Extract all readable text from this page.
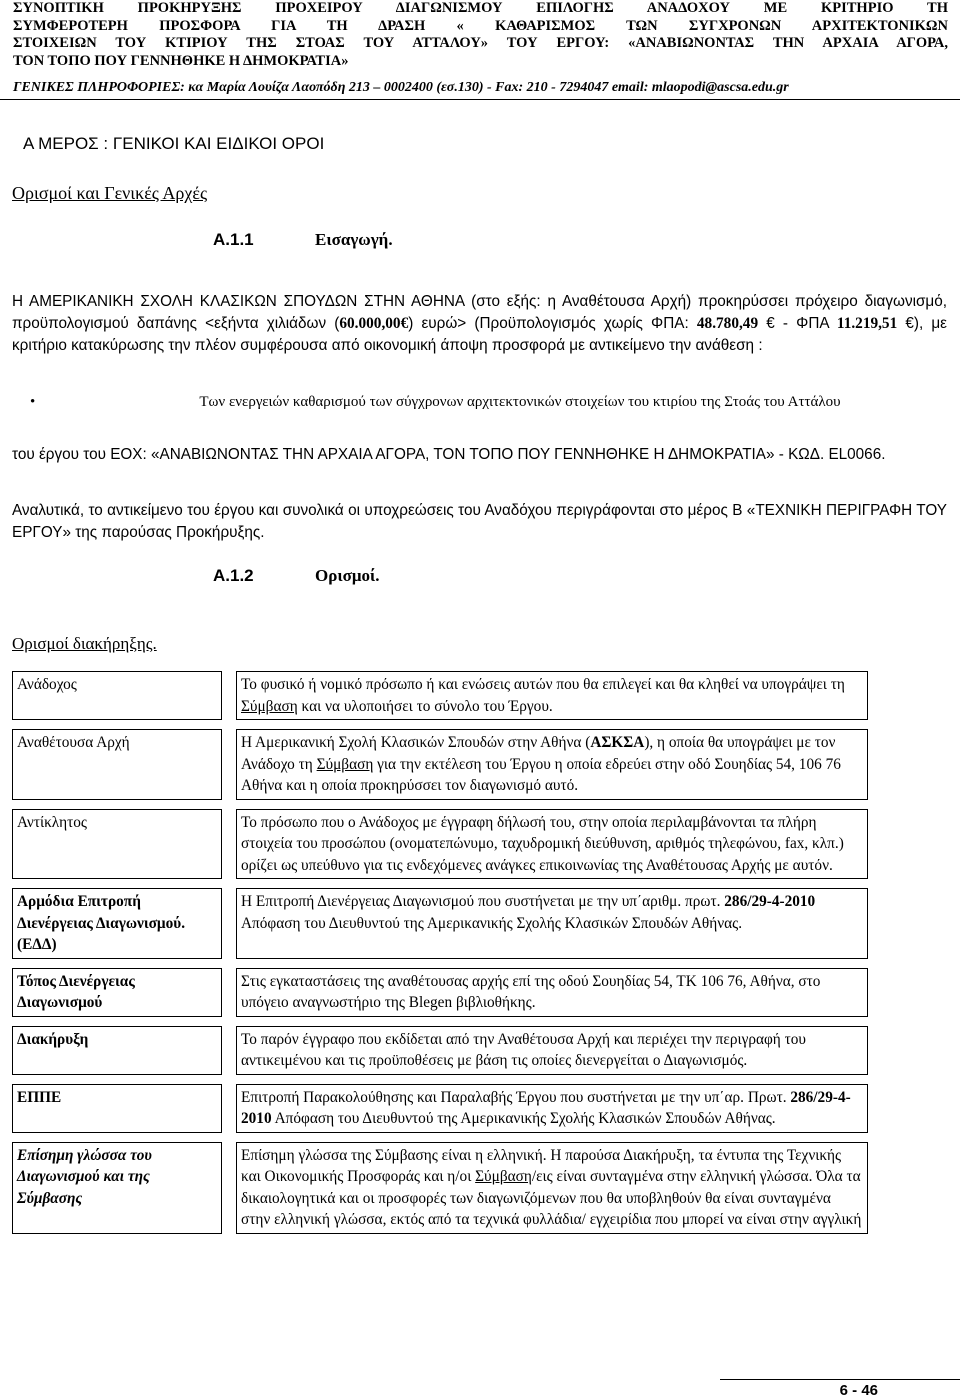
ΣΥΝΟΠΤΙΚΗ ΠΡΟΚΗΡΥΞΗΣ ΠΡΟΧΕΙΡΟΥ ΔΙΑΓΩΝΙΣΜΟΥ ΕΠΙΛΟΓΗΣ ΑΝΑΔΟΧΟΥ ΜΕ ΚΡΙΤΗΡΙΟ ΤΗ
ΣΥΜΦΕΡΟΤΕΡΗ ΠΡΟΣΦΟΡΑ ΓΙΑ ΤΗ ΔΡΑΣΗ « ΚΑΘΑΡΙΣΜΟΣ ΤΩΝ ΣΥΓΧΡΟΝΩΝ ΑΡΧΙΤΕΚΤΟΝΙΚΩΝ
ΣΤΟΙΧΕΙΩΝ ΤΟΥ ΚΤΙΡΙΟΥ ΤΗΣ ΣΤΟΑΣ ΤΟΥ ΑΤΤΑΛΟΥ» ΤΟΥ ΕΡΓΟΥ: «ΑΝΑΒΙΩΝΟΝΤΑΣ ΤΗΝ ΑΡΧΑΙΑ ΑΓΟΡΑ,
ΤΟΝ ΤΟΠΟ ΠΟΥ ΓΕΝΝΗΘΗΚΕ Η ΔΗΜΟΚΡΑΤΙΑ»
ΓΕΝΙΚΕΣ ΠΛΗΡΟΦΟΡΙΕΣ: κα Μαρία Λουίζα Λαοπόδη 213 – 0002400 (εσ.130) - Fax: 210 - 7294047 email: mlaopodi@ascsa.edu.gr
Α ΜΕΡΟΣ : ΓΕΝΙΚΟΙ ΚΑΙ ΕΙΔΙΚΟΙ ΟΡΟΙ
Ορισμοί και Γενικές Αρχές
Α.1.1	Εισαγωγή.
Η ΑΜΕΡΙΚΑΝΙΚΗ ΣΧΟΛΗ ΚΛΑΣΙΚΩΝ ΣΠΟΥΔΩΝ ΣΤΗΝ ΑΘΗΝΑ (στο εξής: η Αναθέτουσα Αρχή) προκηρύσσει πρόχειρο διαγωνισμό, προϋπολογισμού δαπάνης <εξήντα χιλιάδων (60.000,00€) ευρώ> (Προϋπολογισμός χωρίς ΦΠΑ: 48.780,49 € - ΦΠΑ 11.219,51 €), με κριτήριο κατακύρωσης την πλέον συμφέρουσα από οικονομική άποψη προσφορά με αντικείμενο την ανάθεση :
•	Των ενεργειών καθαρισμού των σύγχρονων αρχιτεκτονικών στοιχείων του κτιρίου της Στοάς του Αττάλου
του έργου του ΕΟΧ: «ΑΝΑΒΙΩΝΟΝΤΑΣ ΤΗΝ ΑΡΧΑΙΑ ΑΓΟΡΑ, ΤΟΝ ΤΟΠΟ ΠΟΥ ΓΕΝΝΗΘΗΚΕ Η ΔΗΜΟΚΡΑΤΙΑ» - ΚΩΔ. EL0066.
Αναλυτικά, το αντικείμενο του έργου και συνολικά οι υποχρεώσεις του Αναδόχου περιγράφονται στο μέρος Β «ΤΕΧΝΙΚΗ ΠΕΡΙΓΡΑΦΗ ΤΟΥ ΕΡΓΟΥ» της παρούσας Προκήρυξης.
Α.1.2	Ορισμοί.
Ορισμοί διακήρηξης.
Ανάδοχος		Το φυσικό ή νομικό πρόσωπο ή και ενώσεις αυτών που θα επιλεγεί και θα κληθεί να υπογράψει τη Σύμβαση και να υλοποιήσει το σύνολο του Έργου.
Αναθέτουσα Αρχή		Η Αμερικανική Σχολή Κλασικών Σπουδών στην Αθήνα (ΑΣΚΣΑ), η οποία θα υπογράψει με τον Ανάδοχο τη Σύμβαση για την εκτέλεση του Έργου η οποία εδρεύει στην οδό Σουηδίας 54, 106 76 Αθήνα και η οποία προκηρύσσει τον διαγωνισμό αυτό.
Αντίκλητος		Το πρόσωπο που ο Ανάδοχος με έγγραφη δήλωσή του, στην οποία περιλαμβάνονται τα πλήρη στοιχεία του προσώπου (ονοματεπώνυμο, ταχυδρομική διεύθυνση, αριθμός τηλεφώνου, fax, κλπ.) ορίζει ως υπεύθυνο για τις ενδεχόμενες ανάγκες επικοινωνίας της Αναθέτουσας Αρχής με αυτόν.
Αρμόδια Επιτροπή Διενέργειας Διαγωνισμού. (ΕΔΔ)		Η Επιτροπή Διενέργειας Διαγωνισμού που συστήνεται με την υπ΄αριθμ. πρωτ. 286/29-4-2010 Απόφαση του Διευθυντού της Αμερικανικής Σχολής Κλασικών Σπουδών Αθήνας.
Τόπος Διενέργειας Διαγωνισμού		Στις εγκαταστάσεις της αναθέτουσας αρχής επί της οδού Σουηδίας 54, ΤΚ 106 76, Αθήνα, στο υπόγειο αναγνωστήριο της Blegen βιβλιοθήκης.
Διακήρυξη		Το παρόν έγγραφο που εκδίδεται από την Αναθέτουσα Αρχή και περιέχει την περιγραφή του αντικειμένου και τις προϋποθέσεις με βάση τις οποίες διενεργείται ο Διαγωνισμός.
ΕΠΠΕ		Επιτροπή Παρακολούθησης και Παραλαβής Έργου που συστήνεται με την υπ΄αρ. Πρωτ. 286/29-4-2010 Απόφαση του Διευθυντού της Αμερικανικής Σχολής Κλασικών Σπουδών Αθήνας.
Επίσημη γλώσσα του Διαγωνισμού και της Σύμβασης		Επίσημη γλώσσα της Σύμβασης είναι η ελληνική. Η παρούσα Διακήρυξη, τα έντυπα της Τεχνικής και Οικονομικής Προσφοράς και η/οι Σύμβαση/εις είναι συνταγμένα στην ελληνική γλώσσα. Όλα τα δικαιολογητικά και οι προσφορές των διαγωνιζόμενων που θα υποβληθούν θα είναι συνταγμένα στην ελληνική γλώσσα, εκτός από τα τεχνικά φυλλάδια/ εγχειρίδια που μπορεί να είναι στην αγγλική
6 - 46
